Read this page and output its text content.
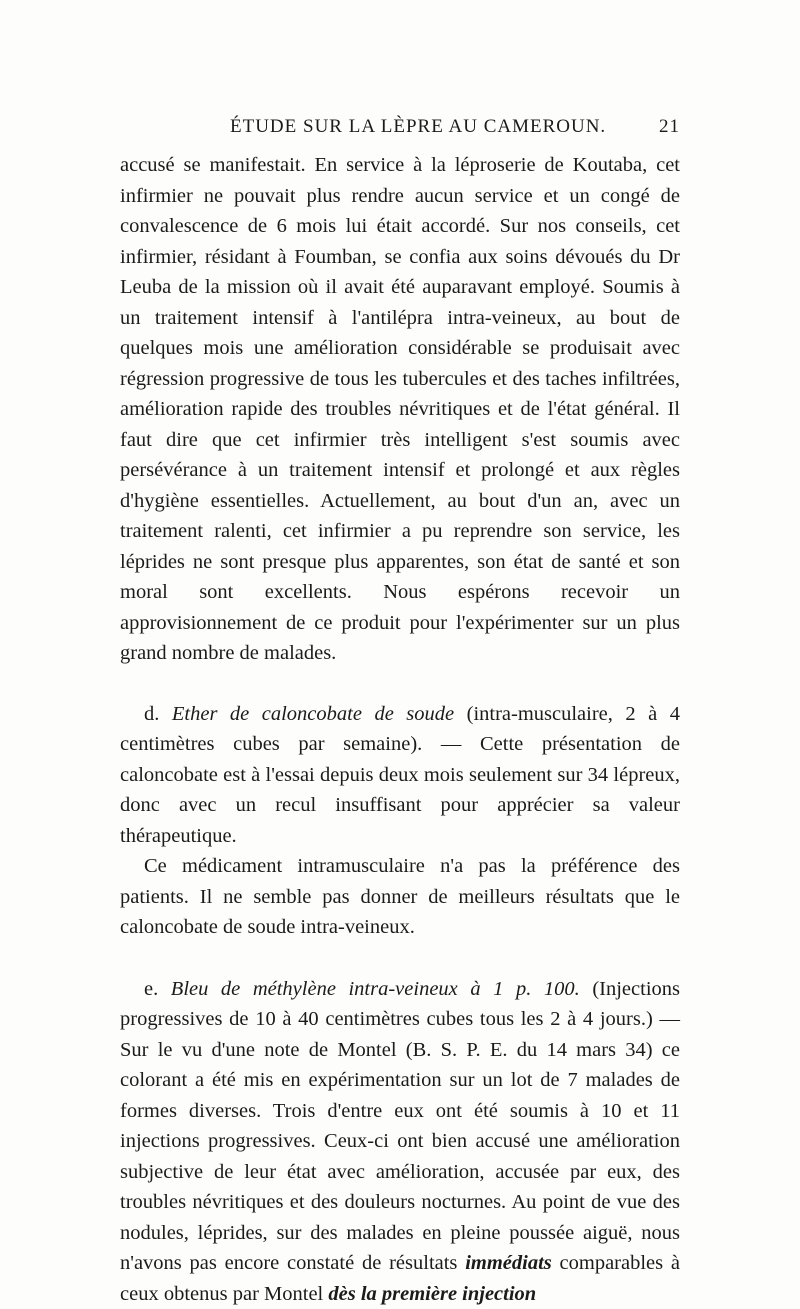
ÉTUDE SUR LA LÈPRE AU CAMEROUN.	21

accusé se manifestait. En service à la léproserie de Koutaba, cet infirmier ne pouvait plus rendre aucun service et un congé de convalescence de 6 mois lui était accordé. Sur nos conseils, cet infirmier, résidant à Foumban, se confia aux soins dévoués du Dr Leuba de la mission où il avait été auparavant employé. Soumis à un traitement intensif à l'antilépra intra-veineux, au bout de quelques mois une amélioration considérable se produisait avec régression progressive de tous les tubercules et des taches infiltrées, amélioration rapide des troubles névritiques et de l'état général. Il faut dire que cet infirmier très intelligent s'est soumis avec persévérance à un traitement intensif et prolongé et aux règles d'hygiène essentielles. Actuellement, au bout d'un an, avec un traitement ralenti, cet infirmier a pu reprendre son service, les léprides ne sont presque plus apparentes, son état de santé et son moral sont excellents. Nous espérons recevoir un approvisionnement de ce produit pour l'expérimenter sur un plus grand nombre de malades.

d. Ether de caloncobate de soude (intra-musculaire, 2 à 4 centimètres cubes par semaine). — Cette présentation de caloncobate est à l'essai depuis deux mois seulement sur 34 lépreux, donc avec un recul insuffisant pour apprécier sa valeur thérapeutique.

Ce médicament intramusculaire n'a pas la préférence des patients. Il ne semble pas donner de meilleurs résultats que le caloncobate de soude intra-veineux.

e. Bleu de méthylène intra-veineux à 1 p. 100. (Injections progressives de 10 à 40 centimètres cubes tous les 2 à 4 jours.) — Sur le vu d'une note de Montel (B. S. P. E. du 14 mars 34) ce colorant a été mis en expérimentation sur un lot de 7 malades de formes diverses. Trois d'entre eux ont été soumis à 10 et 11 injections progressives. Ceux-ci ont bien accusé une amélioration subjective de leur état avec amélioration, accusée par eux, des troubles névritiques et des douleurs nocturnes. Au point de vue des nodules, léprides, sur des malades en pleine poussée aiguë, nous n'avons pas encore constaté de résultats immédiats comparables à ceux obtenus par Montel dès la première injection
